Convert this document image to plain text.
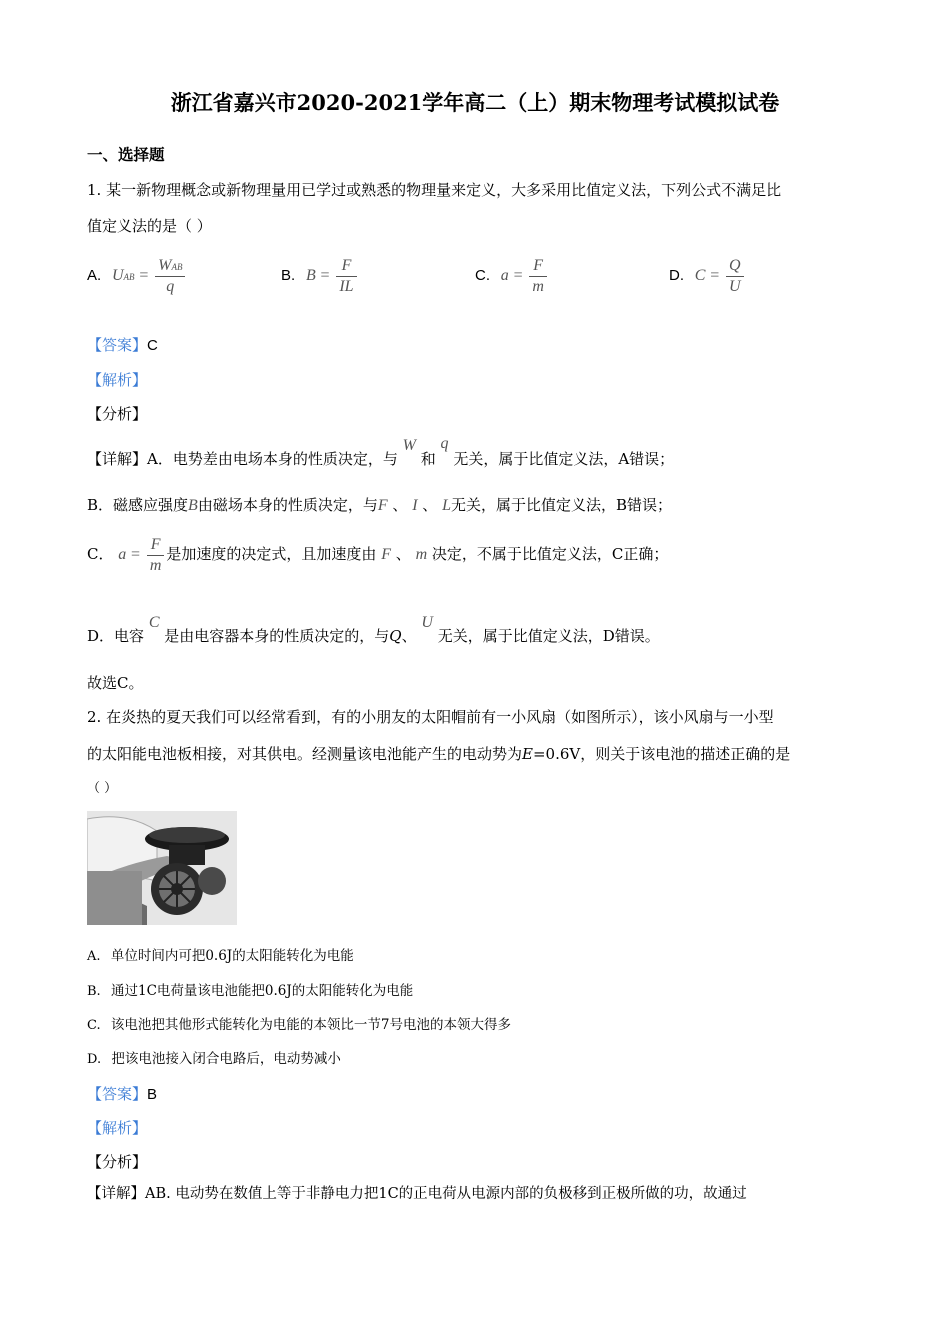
浙江省嘉兴市2020-2021学年高二（上）期末物理考试模拟试卷
一、选择题
1. 某一新物理概念或新物理量用已学过或熟悉的物理量来定义，大多采用比值定义法，下列公式不满足比
值定义法的是（ ）
A. UAB = $\frac{\text{WAB}}{q}$	B. $B = \frac{F}{IL}$	C. $a = \frac{F}{m}$	D. $C = \frac{Q}{U}$
【答案】C
【解析】
【分析】
【详解】A．电势差由电场本身的性质决定，与 W 和 q 无关，属于比值定义法，A错误；
B．磁感应强度B由磁场本身的性质决定，与F 、 I 、 L无关，属于比值定义法，B错误；
C． $a = \frac{F}{m}$ 是加速度的决定式，且加速度由 F 、 m 决定，不属于比值定义法，C正确；
D．电容 C 是由电容器本身的性质决定的，与Q、 U 无关，属于比值定义法，D错误。
故选C。
2. 在炎热的夏天我们可以经常看到，有的小朋友的太阳帽前有一小风扇（如图所示），该小风扇与一小型
的太阳能电池板相接，对其供电。经测量该电池能产生的电动势为E=0.6V，则关于该电池的描述正确的是
（ ）
A. 单位时间内可把0.6J的太阳能转化为电能
B. 通过1C电荷量该电池能把0.6J的太阳能转化为电能
C. 该电池把其他形式能转化为电能的本领比一节7号电池的本领大得多
D. 把该电池接入闭合电路后，电动势减小
【答案】B
【解析】
【分析】
【详解】AB. 电动势在数值上等于非静电力把1C的正电荷从电源内部的负极移到正极所做的功，故通过
